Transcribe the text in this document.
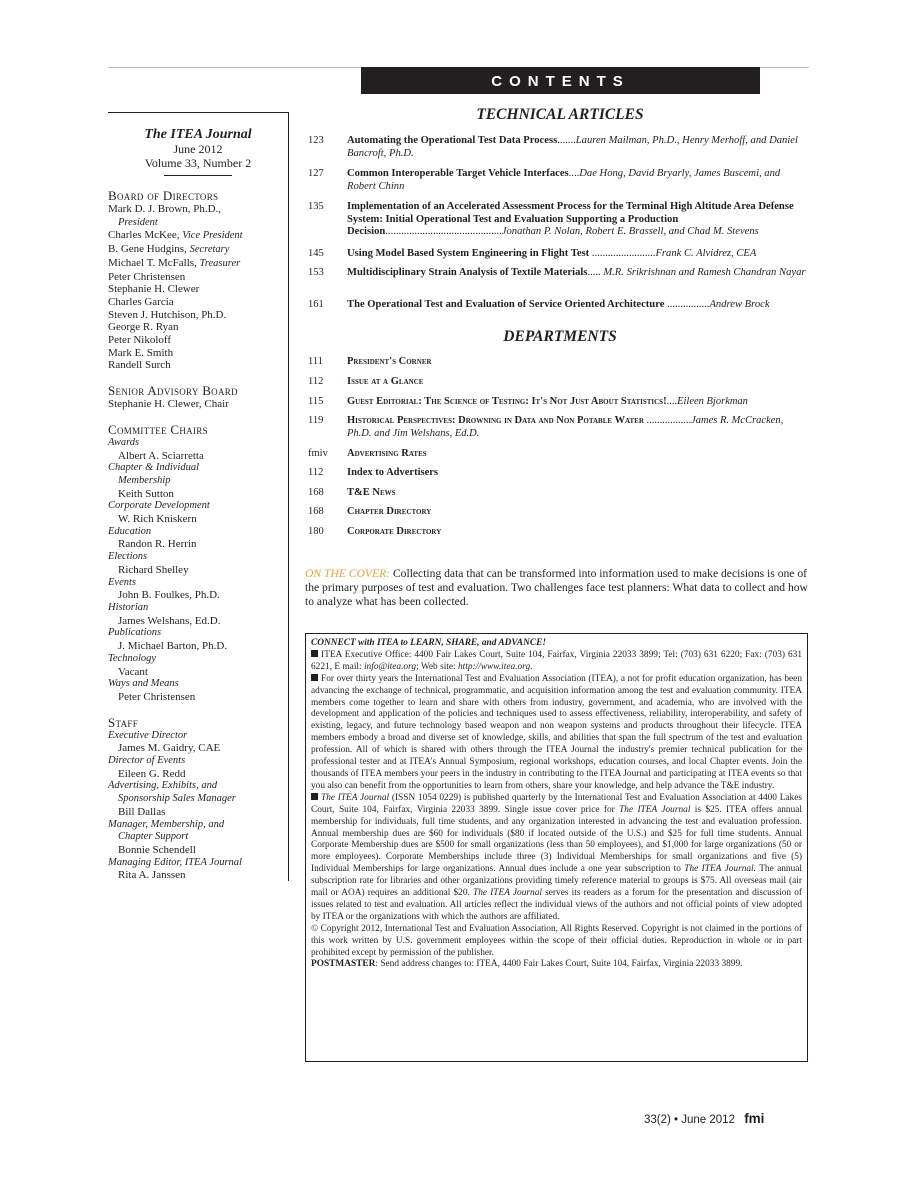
CONTENTS
The ITEA Journal
June 2012
Volume 33, Number 2
Board of Directors
Mark D. J. Brown, Ph.D.,
President
Charles McKee, Vice President
B. Gene Hudgins, Secretary
Michael T. McFalls, Treasurer
Peter Christensen
Stephanie H. Clewer
Charles Garcia
Steven J. Hutchison, Ph.D.
George R. Ryan
Peter Nikoloff
Mark E. Smith
Randell Surch
Senior Advisory Board
Stephanie H. Clewer, Chair
Committee Chairs
Awards
Albert A. Sciarretta
Chapter & Individual
Membership
Keith Sutton
Corporate Development
W. Rich Kniskern
Education
Randon R. Herrin
Elections
Richard Shelley
Events
John B. Foulkes, Ph.D.
Historian
James Welshans, Ed.D.
Publications
J. Michael Barton, Ph.D.
Technology
Vacant
Ways and Means
Peter Christensen
Staff
Executive Director
James M. Gaidry, CAE
Director of Events
Eileen G. Redd
Advertising, Exhibits, and
Sponsorship Sales Manager
Bill Dallas
Manager, Membership, and
Chapter Support
Bonnie Schendell
Managing Editor, ITEA Journal
Rita A. Janssen
TECHNICAL ARTICLES
123	Automating the Operational Test Data Process.......Lauren Mailman, Ph.D., Henry Merhoff, and Daniel Bancroft, Ph.D.
127	Common Interoperable Target Vehicle Interfaces....Dae Hong, David Bryarly, James Buscemi, and Robert Chinn
135	Implementation of an Accelerated Assessment Process for the Terminal High Altitude Area Defense System: Initial Operational Test and Evaluation Supporting a Production Decision............................................Jonathan P. Nolan, Robert E. Brassell, and Chad M. Stevens
145	Using Model Based System Engineering in Flight Test ........................Frank C. Alvidrez, CEA
153	Multidisciplinary Strain Analysis of Textile Materials..... M.R. Srikrishnan and Ramesh Chandran Nayar
161	The Operational Test and Evaluation of Service Oriented Architecture ................Andrew Brock
DEPARTMENTS
111 President's Corner
112 Issue at a Glance
115 Guest Editorial: The Science of Testing: It's Not Just About Statistics!....Eileen Bjorkman
119 Historical Perspectives: Drowning in Data and Non Potable Water .................James R. McCracken, Ph.D. and Jim Welshans, Ed.D.
fmiv Advertising Rates
112 Index to Advertisers
168 T&E News
168 Chapter Directory
180 Corporate Directory
ON THE COVER: Collecting data that can be transformed into information used to make decisions is one of the primary purposes of test and evaluation. Two challenges face test planners: What data to collect and how to analyze what has been collected.

CONNECT with ITEA to LEARN, SHARE, and ADVANCE!

ITEA Executive Office: 4400 Fair Lakes Court, Suite 104, Fairfax, Virginia 22033 3899; Tel: (703) 631 6220; Fax: (703) 631 6221, E mail: info@itea.org; Web site: http://www.itea.org.

For over thirty years the International Test and Evaluation Association (ITEA), a not for profit education organization, has been advancing the exchange of technical, programmatic, and acquisition information among the test and evaluation community. ITEA members come together to learn and share with others from industry, government, and academia, who are involved with the development and application of the policies and techniques used to assess effectiveness, reliability, interoperability, and safety of existing, legacy, and future technology based weapon and non weapon systems and products throughout their lifecycle. ITEA members embody a broad and diverse set of knowledge, skills, and abilities that span the full spectrum of the test and evaluation profession. All of which is shared with others through the ITEA Journal the industry's premier technical publication for the professional tester and at ITEA's Annual Symposium, regional workshops, education courses, and local Chapter events. Join the thousands of ITEA members your peers in the industry in contributing to the ITEA Journal and participating at ITEA events so that you also can benefit from the opportunities to learn from others, share your knowledge, and help advance the T&E industry.

The ITEA Journal (ISSN 1054 0229) is published quarterly by the International Test and Evaluation Association at 4400 Lakes Court, Suite 104, Fairfax, Virginia 22033 3899. Single issue cover price for The ITEA Journal is $25. ITEA offers annual membership for individuals, full time students, and any organization interested in advancing the test and evaluation profession. Annual membership dues are $60 for individuals ($80 if located outside of the U.S.) and $25 for full time students. Annual Corporate Membership dues are $500 for small organizations (less than 50 employees), and $1,000 for large organizations (50 or more employees). Corporate Memberships include three (3) Individual Memberships for small organizations and five (5) Individual Memberships for large organizations. Annual dues include a one year subscription to The ITEA Journal. The annual subscription rate for libraries and other organizations providing timely reference material to groups is $75. All overseas mail (air mail or AOA) requires an additional $20. The ITEA Journal serves its readers as a forum for the presentation and discussion of issues related to test and evaluation. All articles reflect the individual views of the authors and not official points of view adopted by ITEA or the organizations with which the authors are affiliated.

© Copyright 2012, International Test and Evaluation Association, All Rights Reserved. Copyright is not claimed in the portions of this work written by U.S. government employees within the scope of their official duties. Reproduction in whole or in part prohibited except by permission of the publisher.

POSTMASTER: Send address changes to: ITEA, 4400 Fair Lakes Court, Suite 104, Fairfax, Virginia 22033 3899.

33(2) • June 2012 fmi
